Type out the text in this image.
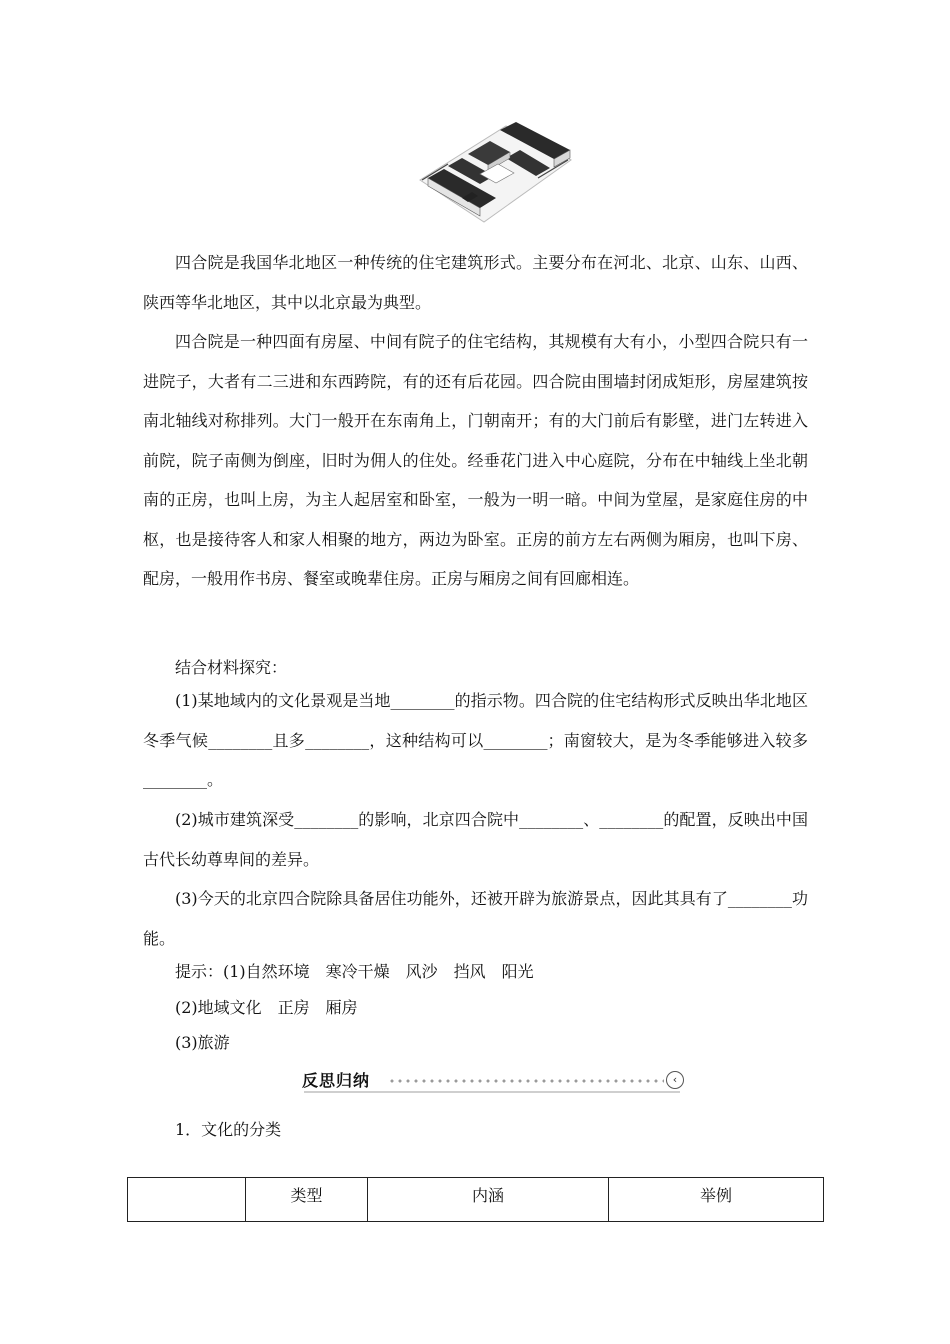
四合院是我国华北地区一种传统的住宅建筑形式。主要分布在河北、北京、山东、山西、陕西等华北地区，其中以北京最为典型。

四合院是一种四面有房屋、中间有院子的住宅结构，其规模有大有小，小型四合院只有一进院子，大者有二三进和东西跨院，有的还有后花园。四合院由围墙封闭成矩形，房屋建筑按南北轴线对称排列。大门一般开在东南角上，门朝南开；有的大门前后有影壁，进门左转进入前院，院子南侧为倒座，旧时为佣人的住处。经垂花门进入中心庭院，分布在中轴线上坐北朝南的正房，也叫上房，为主人起居室和卧室，一般为一明一暗。中间为堂屋，是家庭住房的中枢，也是接待客人和家人相聚的地方，两边为卧室。正房的前方左右两侧为厢房，也叫下房、配房，一般用作书房、餐室或晚辈住房。正房与厢房之间有回廊相连。

结合材料探究：

(1)某地域内的文化景观是当地________的指示物。四合院的住宅结构形式反映出华北地区冬季气候________且多________，这种结构可以________；南窗较大，是为冬季能够进入较多________。

(2)城市建筑深受________的影响，北京四合院中________、________的配置，反映出中国古代长幼尊卑间的差异。

(3)今天的北京四合院除具备居住功能外，还被开辟为旅游景点，因此其具有了________功能。

提示：(1)自然环境　寒冷干燥　风沙　挡风　阳光

(2)地域文化　正房　厢房

(3)旅游

反思归纳	‹

1．文化的分类

	类型	内涵	举例
